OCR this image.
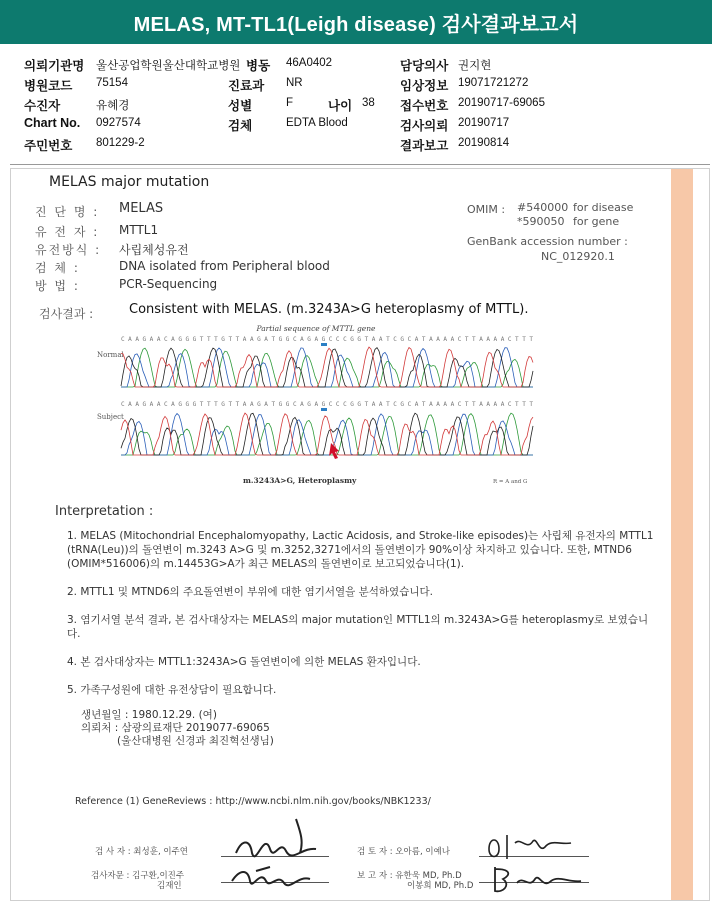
MELAS, MT-TL1(Leigh disease) 검사결과보고서
의뢰기관명 울산공업학원울산대학교병원 병동 46A0402	담당의사 권지현
병원코드 75154	진료과 NR	임상정보 19071721272
수진자	유혜경	성별	F	나이 38 접수번호 20190717-69065
Chart No. 0927574	검체	EDTA Blood	검사의뢰 20190717
주민번호 801229-2	결과보고 20190814
MELAS major mutation
진 단 명 : MELAS
유 전 자 : MTTL1
유전방식 : 사립체성유전
검 체 :	DNA isolated from Peripheral blood
방 법 :	PCR-Sequencing
OMIM : #540000 for disease
*590050 for gene
GenBank accession number :
NC_012920.1
검사결과 :	Consistent with MELAS. (m.3243A>G heteroplasmy of MTTL).
Partial sequence of MTTL gene
Normal
Subject
CAAGAACAGGGTTTGTTAAGATGGCAGAGCCCGGTAATCGCATAAAACTTAAAACTTT
CAAGAACAGGGTTTGTTAAGATGGCAGAGCCCGGTAATCGCATAAAACTTAAAACTTT
m.3243A>G, Heteroplasmy	R = A and G
Interpretation :
1. MELAS (Mitochondrial Encephalomyopathy, Lactic Acidosis, and Stroke-like episodes)는 사립체 유전자의 MTTL1 (tRNA(Leu))의 돌연변이 m.3243 A>G 및 m.3252,3271에서의 돌연변이가 90%이상 차지하고 있습니다. 또한, MTND6 (OMIM*516006)의 m.14453G>A가 최근 MELAS의 돌연변이로 보고되었습니다(1).
2. MTTL1 및 MTND6의 주요돌연변이 부위에 대한 염기서열을 분석하였습니다.
3. 염기서열 분석 결과, 본 검사대상자는 MELAS의 major mutation인 MTTL1의 m.3243A>G를 heteroplasmy로 보였습니다.
4. 본 검사대상자는 MTTL1:3243A>G 돌연변이에 의한 MELAS 환자입니다.
5. 가족구성원에 대한 유전상담이 필요합니다.
생년월일 : 1980.12.29. (여)
의뢰처 : 삼광의료재단 2019077-69065
(울산대병원 신경과 최진혁선생님)
Reference (1) GeneReviews : http://www.ncbi.nlm.nih.gov/books/NBK1233/
검 사 자 : 최성훈, 이주연	검 토 자 : 오아름, 이예나
검사자문 : 김구환,이진주
김재인
보 고 자 : 유한욱 MD, Ph.D
이봉희 MD, Ph.D
